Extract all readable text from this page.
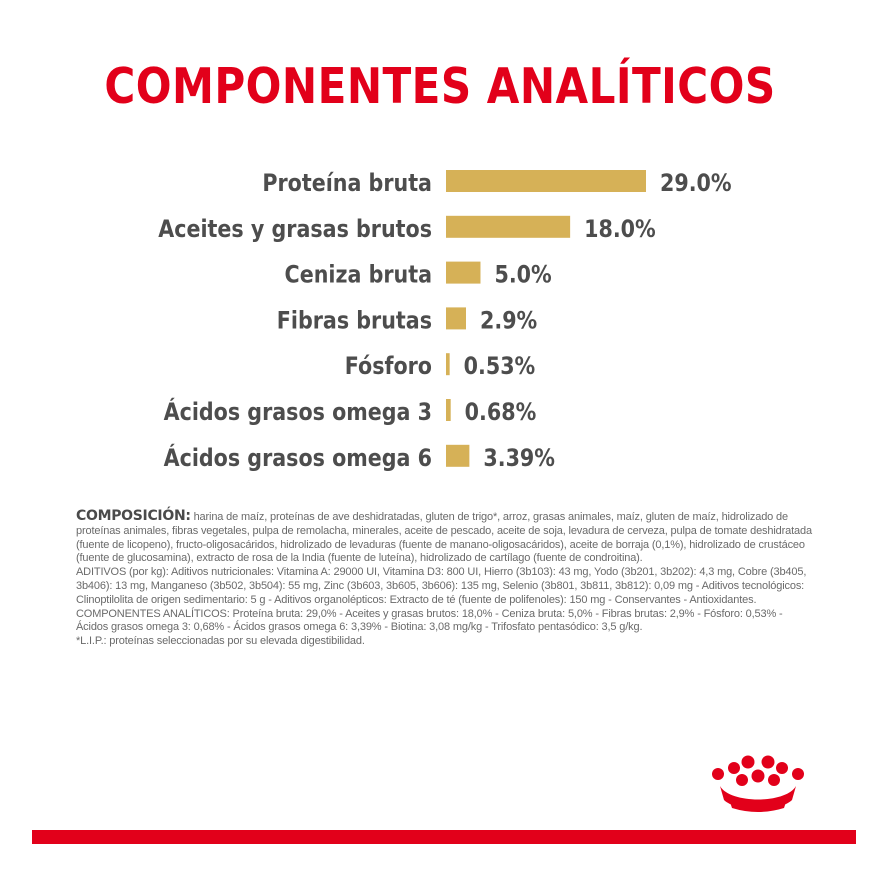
COMPONENTES ANALÍTICOS
Proteína bruta	29.0%
Aceites y grasas brutos	18.0%
Ceniza bruta	5.0%
Fibras brutas 2.9%
Fósforo 0.53%
Ácidos grasos omega 3 0.68%
Ácidos grasos omega 6 3.39%

COMPOSICIÓN: harina de maíz, proteínas de ave deshidratadas, gluten de trigo*, arroz, grasas animales, maíz, gluten de maíz, hidrolizado de proteínas animales, fibras vegetales, pulpa de remolacha, minerales, aceite de pescado, aceite de soja, levadura de cerveza, pulpa de tomate deshidratada (fuente de licopeno), fructo-oligosacáridos, hidrolizado de levaduras (fuente de manano-oligosacáridos), aceite de borraja (0,1%), hidrolizado de crustáceo (fuente de glucosamina), extracto de rosa de la India (fuente de luteína), hidrolizado de cartílago (fuente de condroitina).

ADITIVOS (por kg): Aditivos nutricionales: Vitamina A: 29000 UI, Vitamina D3: 800 UI, Hierro (3b103): 43 mg, Yodo (3b201, 3b202): 4,3 mg, Cobre (3b405, 3b406): 13 mg, Manganeso (3b502, 3b504): 55 mg, Zinc (3b603, 3b605, 3b606): 135 mg, Selenio (3b801, 3b811, 3b812): 0,09 mg - Aditivos tecnológicos: Clinoptilolita de origen sedimentario: 5 g - Aditivos organolépticos: Extracto de té (fuente de polifenoles): 150 mg - Conservantes - Antioxidantes.

COMPONENTES ANALÍTICOS: Proteína bruta: 29,0% - Aceites y grasas brutos: 18,0% - Ceniza bruta: 5,0% - Fibras brutas: 2,9% - Fósforo: 0,53% - Ácidos grasos omega 3: 0,68% - Ácidos grasos omega 6: 3,39% - Biotina: 3,08 mg/kg - Trifosfato pentasódico: 3,5 g/kg.

*L.I.P.: proteínas seleccionadas por su elevada digestibilidad.
